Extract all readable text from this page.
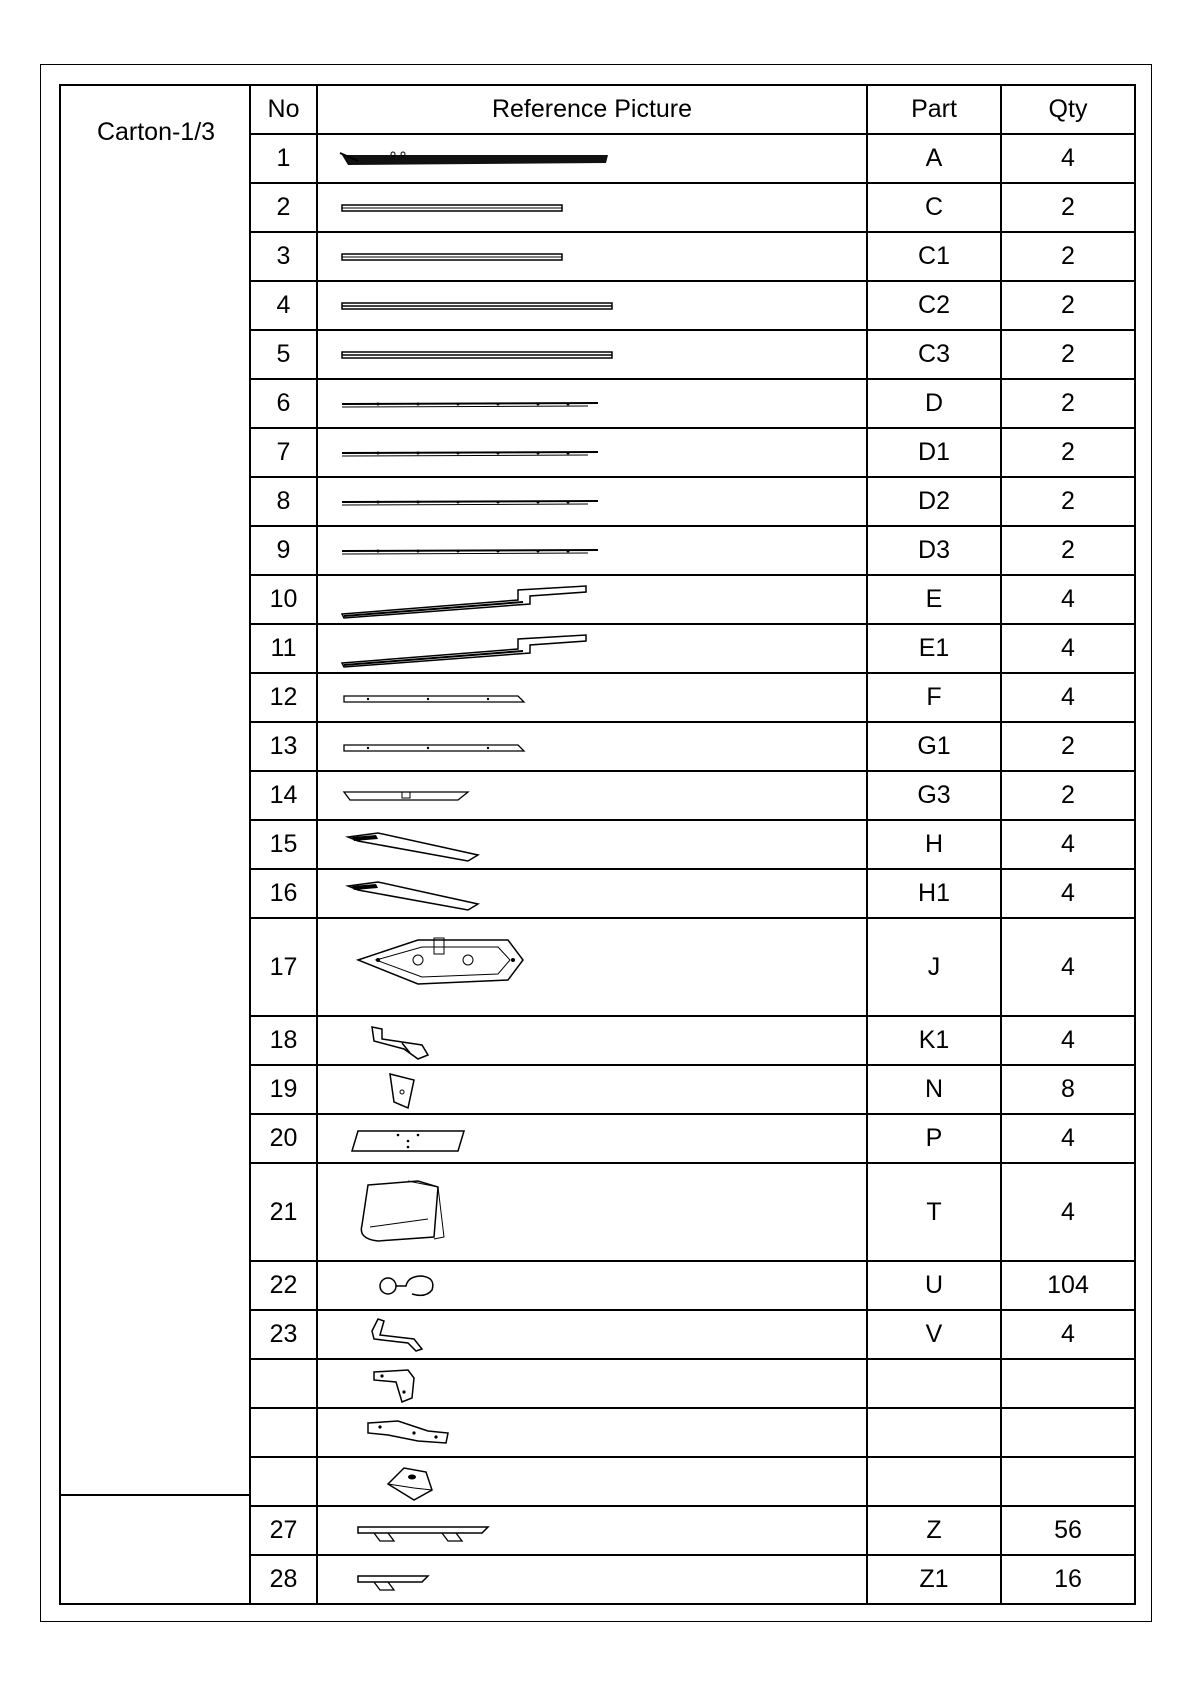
Carton-1/3
No	Reference Picture	Part	Qty
1		A	4
2		C	2
3		C1	2
4		C2	2
5		C3	2
6		D	2
7		D1	2
8		D2	2
9		D3	2
10		E	4
11		E1	4
12		F	4
13		G1	2
14		G3	2
15		H	4
16		H1	4
17		J	4
18		K1	4
19		N	8
20		P	4
21		T	4
22		U	104
23		V	4

27		Z	56
28		Z1	16
